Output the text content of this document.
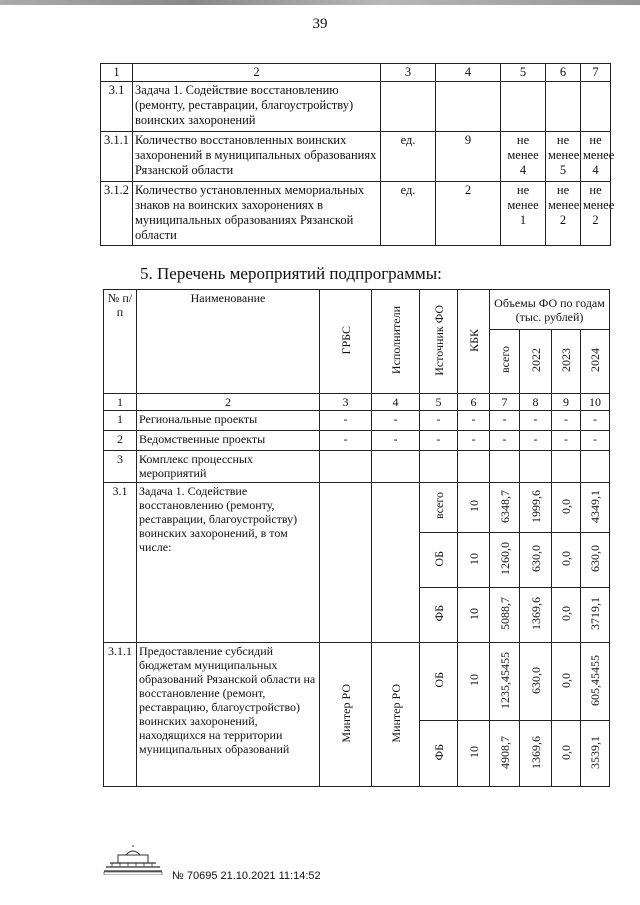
39
1	2	3	4	5	6	7
3.1	Задача 1. Содействие восстановлению (ремонту, реставрации, благоустройству) воинских захоронений					
3.1.1	Количество восстановленных воинских захоронений в муниципальных образованиях Рязанской области	ед.	9	не менее 4	не менее 5	не менее 4
3.1.2	Количество установленных мемориальных знаков на воинских захоронениях в муниципальных образованиях Рязанской области	ед.	2	не менее 1	не менее 2	не менее 2
5. Перечень мероприятий подпрограммы:
№ п/п	Наименование	ГРБС	Исполнители	Источник ФО	КБК	Объемы ФО по годам (тыс. рублей)			
						всего	2022	2023	2024
1	2	3	4	5	6	7	8	9	10
1	Региональные проекты	-	-	-	-	-	-	-	-
2	Ведомственные проекты	-	-	-	-	-	-	-	-
3	Комплекс процессных мероприятий								
3.1	Задача 1. Содействие восстановлению (ремонту, реставрации, благоустройству) воинских захоронений, в том числе:			всего	10	6348,7	1999,6	0,0	4349,1
				ОБ	10	1260,0	630,0	0,0	630,0
				ФБ	10	5088,7	1369,6	0,0	3719,1
3.1.1	Предоставление субсидий бюджетам муниципальных образований Рязанской области на восстановление (ремонт, реставрацию, благоустройство) воинских захоронений, находящихся на территории муниципальных образований	Минтер РО	Минтер РО	ОБ	10	1235,45455	630,0	0,0	605,45455
				ФБ	10	4908,7	1369,6	0,0	3539,1
№ 70695 21.10.2021 11:14:52
